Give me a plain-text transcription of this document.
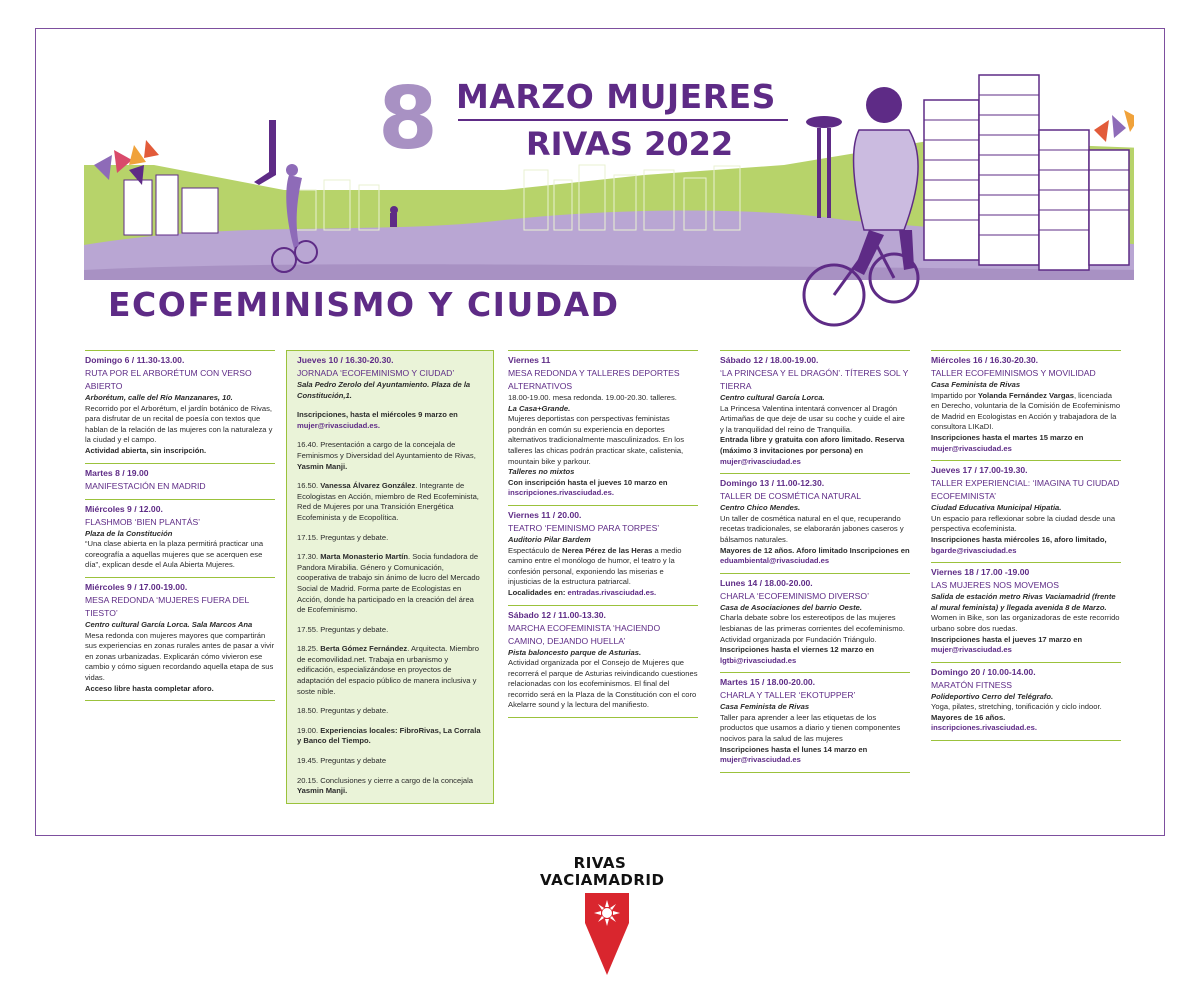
8 MARZO MUJERES
RIVAS 2022
ECOFEMINISMO Y CIUDAD
Domingo 6 / 11.30-13.00.
RUTA POR EL ARBORÉTUM CON VERSO ABIERTO
Arborétum, calle del Río Manzanares, 10.
Recorrido por el Arborétum, el jardín botánico de Rivas, para disfrutar de un recital de poesía con textos que hablan de la relación de las mujeres con la naturaleza y la ciudad y el campo.
Actividad abierta, sin inscripción.
Martes 8 / 19.00
MANIFESTACIÓN EN MADRID
Miércoles 9 / 12.00.
FLASHMOB ‘BIEN PLANTÁS’
Plaza de la Constitución
“Una clase abierta en la plaza permitirá practicar una coreografía a aquellas mujeres que se acerquen ese día”, explican desde el Aula Abierta Mujeres.
Miércoles 9 / 17.00-19.00.
MESA REDONDA ‘MUJERES FUERA DEL TIESTO’
Centro cultural García Lorca. Sala Marcos Ana
Mesa redonda con mujeres mayores que compartirán sus experiencias en zonas rurales antes de pasar a vivir en zonas urbanizadas. Explicarán cómo vivieron ese cambio y cómo siguen recordando aquella etapa de sus vidas.
Acceso libre hasta completar aforo.
Jueves 10 / 16.30-20.30.
JORNADA ‘ECOFEMINISMO Y CIUDAD’
Sala Pedro Zerolo del Ayuntamiento. Plaza de la Constitución,1.
Inscripciones, hasta el miércoles 9 marzo en
mujer@rivasciudad.es.
16.40. Presentación a cargo de la concejala de Feminismos y Diversidad del Ayuntamiento de Rivas, Yasmin Manji.
16.50. Vanessa Álvarez González. Integrante de Ecologistas en Acción, miembro de Red Ecofeminista, Red de Mujeres por una Transición Energética Ecofeminista y de Ecopolítica.
17.15. Preguntas y debate.
17.30. Marta Monasterio Martín. Socia fundadora de Pandora Mirabilia. Género y Comunicación, cooperativa de trabajo sin ánimo de lucro del Mercado Social de Madrid. Forma parte de Ecologistas en Acción, donde ha participado en la creación del área de Ecofeminismo.
17.55. Preguntas y debate.
18.25. Berta Gómez Fernández. Arquitecta. Miembro de ecomovilidad.net. Trabaja en urbanismo y edificación, especializándose en proyectos de adaptación del espacio público de manera inclusiva y soste nible.
18.50. Preguntas y debate.
19.00. Experiencias locales: FibroRivas, La Corrala y Banco del Tiempo.
19.45. Preguntas y debate
20.15. Conclusiones y cierre a cargo de la concejala Yasmin Manji.
Viernes 11
MESA REDONDA Y TALLERES DEPORTES ALTERNATIVOS
18.00-19.00. mesa redonda. 19.00-20.30. talleres.
La Casa+Grande.
Mujeres deportistas con perspectivas feministas pondrán en común su experiencia en deportes alternativos tradicionalmente masculinizados. En los talleres las chicas podrán practicar skate, calistenia, mountain bike y parkour.
Talleres no mixtos
Con inscripción hasta el jueves 10 marzo en
inscripciones.rivasciudad.es.
Viernes 11 / 20.00.
TEATRO ‘FEMINISMO PARA TORPES’
Auditorio Pilar Bardem
Espectáculo de Nerea Pérez de las Heras a medio camino entre el monólogo de humor, el teatro y la confesión personal, exponiendo las miserias e injusticias de la estructura patriarcal.
Localidades en: entradas.rivasciudad.es.
Sábado 12 / 11.00-13.30.
MARCHA ECOFEMINISTA ‘HACIENDO CAMINO, DEJANDO HUELLA’
Pista baloncesto parque de Asturias.
Actividad organizada por el Consejo de Mujeres que recorrerá el parque de Asturias reivindicando cuestiones relacionadas con los ecofeminismos. El final del recorrido será en la Plaza de la Constitución con el coro Akelarre sound y la lectura del manifiesto.
Sábado 12 / 18.00-19.00.
‘LA PRINCESA Y EL DRAGÓN’. TÍTERES SOL Y TIERRA
Centro cultural García Lorca.
La Princesa Valentina intentará convencer al Dragón Artimañas de que deje de usar su coche y cuide el aire y la tranquilidad del reino de Tranquilia.
Entrada libre y gratuita con aforo limitado. Reserva (máximo 3 invitaciones por persona) en mujer@rivasciudad.es
Domingo 13 / 11.00-12.30.
TALLER DE COSMÉTICA NATURAL
Centro Chico Mendes.
Un taller de cosmética natural en el que, recuperando recetas tradicionales, se elaborarán jabones caseros y bálsamos naturales.
Mayores de 12 años. Aforo limitado Inscripciones en eduambiental@rivasciudad.es
Lunes 14 / 18.00-20.00.
CHARLA ‘ECOFEMINISMO DIVERSO’
Casa de Asociaciones del barrio Oeste.
Charla debate sobre los estereotipos de las mujeres lesbianas de las primeras corrientes del ecofeminismo. Actividad organizada por Fundación Triángulo.
Inscripciones hasta el viernes 12 marzo en
lgtbi@rivasciudad.es
Martes 15 / 18.00-20.00.
CHARLA Y TALLER ‘EKOTUPPER’
Casa Feminista de Rivas
Taller para aprender a leer las etiquetas de los productos que usamos a diario y tienen componentes nocivos para la salud de las mujeres
Inscripciones hasta el lunes 14 marzo en
mujer@rivasciudad.es
Miércoles 16 / 16.30-20.30.
TALLER ECOFEMINISMOS Y MOVILIDAD
Casa Feminista de Rivas
Impartido por Yolanda Fernández Vargas, licenciada en Derecho, voluntaria de la Comisión de Ecofeminismo de Madrid en Ecologistas en Acción y trabajadora de la consultora LIKaDI.
Inscripciones hasta el martes 15 marzo en
mujer@rivasciudad.es
Jueves 17 / 17.00-19.30.
TALLER EXPERIENCIAL: ‘IMAGINA TU CIUDAD ECOFEMINISTA’
Ciudad Educativa Municipal Hipatia.
Un espacio para reflexionar sobre la ciudad desde una perspectiva ecofeminista.
Inscripciones hasta miércoles 16, aforo limitado,
bgarde@rivasciudad.es
Viernes 18 / 17.00 -19.00
LAS MUJERES NOS MOVEMOS
Salida de estación metro Rivas Vaciamadrid (frente al mural feminista) y llegada avenida 8 de Marzo.
Women in Bike, son las organizadoras de este recorrido urbano sobre dos ruedas.
Inscripciones hasta el jueves 17 marzo en
mujer@rivasciudad.es
Domingo 20 / 10.00-14.00.
MARATÓN FITNESS
Polideportivo Cerro del Telégrafo.
Yoga, pilates, stretching, tonificación y ciclo indoor.
Mayores de 16 años.
inscripciones.rivasciudad.es.
RIVAS
VACIAMADRID
